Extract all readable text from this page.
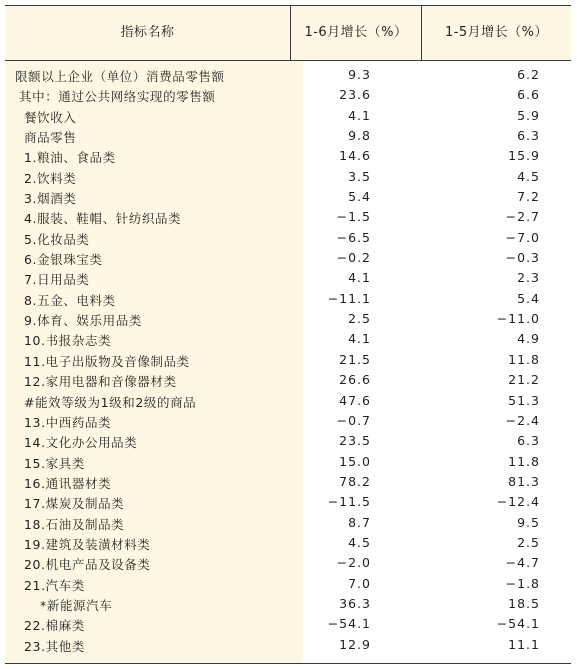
指标名称	1-6月增长（%）	1-5月增长（%）
限额以上企业（单位）消费品零售额	9.3	6.2
其中：通过公共网络实现的零售额	23.6	6.6
餐饮收入	4.1	5.9
商品零售	9.8	6.3
1.粮油、食品类	14.6	15.9
2.饮料类	3.5	4.5
3.烟酒类	5.4	7.2
4.服装、鞋帽、针纺织品类	−1.5	−2.7
5.化妆品类	−6.5	−7.0
6.金银珠宝类	−0.2	−0.3
7.日用品类	4.1	2.3
8.五金、电料类	−11.1	5.4
9.体育、娱乐用品类	2.5	−11.0
10.书报杂志类	4.1	4.9
11.电子出版物及音像制品类	21.5	11.8
12.家用电器和音像器材类	26.6	21.2
#能效等级为1级和2级的商品	47.6	51.3
13.中西药品类	−0.7	−2.4
14.文化办公用品类	23.5	6.3
15.家具类	15.0	11.8
16.通讯器材类	78.2	81.3
17.煤炭及制品类	−11.5	−12.4
18.石油及制品类	8.7	9.5
19.建筑及装潢材料类	4.5	2.5
20.机电产品及设备类	−2.0	−4.7
21.汽车类	7.0	−1.8
*新能源汽车	36.3	18.5
22.棉麻类	−54.1	−54.1
23.其他类	12.9	11.1
